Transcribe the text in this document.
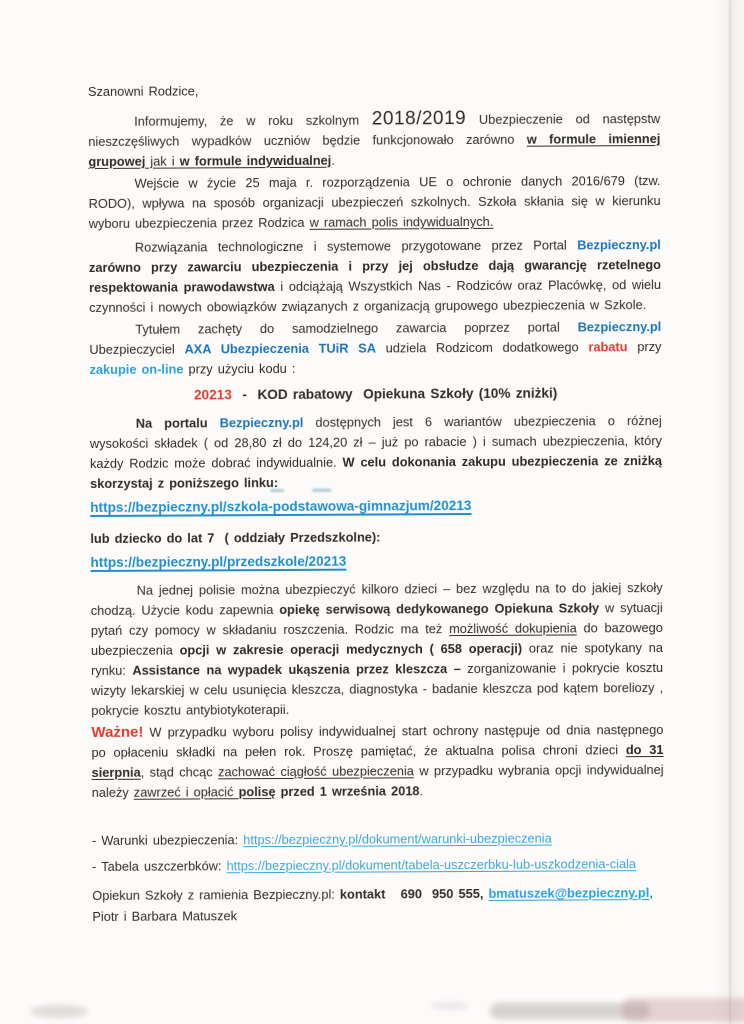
Szanowni Rodzice,

Informujemy, że w roku szkolnym 2018/2019 Ubezpieczenie od następstw nieszczęśliwych wypadków uczniów będzie funkcjonowało zarówno w formule imiennej grupowej jak i w formule indywidualnej.

Wejście w życie 25 maja r. rozporządzenia UE o ochronie danych 2016/679 (tzw. RODO), wpływa na sposób organizacji ubezpieczeń szkolnych. Szkoła skłania się w kierunku wyboru ubezpieczenia przez Rodzica w ramach polis indywidualnych.

Rozwiązania technologiczne i systemowe przygotowane przez Portal Bezpieczny.pl zarówno przy zawarciu ubezpieczenia i przy jej obsłudze dają gwarancję rzetelnego respektowania prawodawstwa i odciążają Wszystkich Nas - Rodziców oraz Placówkę, od wielu czynności i nowych obowiązków związanych z organizacją grupowego ubezpieczenia w Szkole.

Tytułem zachęty do samodzielnego zawarcia poprzez portal Bezpieczny.pl Ubezpieczyciel AXA Ubezpieczenia TUiR SA udziela Rodzicom dodatkowego rabatu przy zakupie on-line przy użyciu kodu :

20213  -  KOD rabatowy  Opiekuna Szkoły (10% zniżki)

Na portalu Bezpieczny.pl dostępnych jest 6 wariantów ubezpieczenia o różnej wysokości składek ( od 28,80 zł do 124,20 zł – już po rabacie ) i sumach ubezpieczenia, który każdy Rodzic może dobrać indywidualnie. W celu dokonania zakupu ubezpieczenia ze zniżką skorzystaj z poniższego linku:

https://bezpieczny.pl/szkola-podstawowa-gimnazjum/20213

lub dziecko do lat 7  ( oddziały Przedszkolne):

https://bezpieczny.pl/przedszkole/20213

Na jednej polisie można ubezpieczyć kilkoro dzieci – bez względu na to do jakiej szkoły chodzą. Użycie kodu zapewnia opiekę serwisową dedykowanego Opiekuna Szkoły w sytuacji pytań czy pomocy w składaniu roszczenia. Rodzic ma też możliwość dokupienia do bazowego ubezpieczenia opcji w zakresie operacji medycznych ( 658 operacji) oraz nie spotykany na rynku: Assistance na wypadek ukąszenia przez kleszcza – zorganizowanie i pokrycie kosztu wizyty lekarskiej w celu usunięcia kleszcza, diagnostyka - badanie kleszcza pod kątem boreliozy , pokrycie kosztu antybiotykoterapii.

Ważne! W przypadku wyboru polisy indywidualnej start ochrony następuje od dnia następnego po opłaceniu składki na pełen rok. Proszę pamiętać, że aktualna polisa chroni dzieci do 31 sierpnia, stąd chcąc zachować ciągłość ubezpieczenia w przypadku wybrania opcji indywidualnej należy zawrzeć i opłacić polisę przed 1 września 2018.

- Warunki ubezpieczenia: https://bezpieczny.pl/dokument/warunki-ubezpieczenia

- Tabela uszczerbków: https://bezpieczny.pl/dokument/tabela-uszczerbku-lub-uszkodzenia-ciala

Opiekun Szkoły z ramienia Bezpieczny.pl: kontakt   690  950 555, bmatuszek@bezpieczny.pl,

Piotr i Barbara Matuszek
